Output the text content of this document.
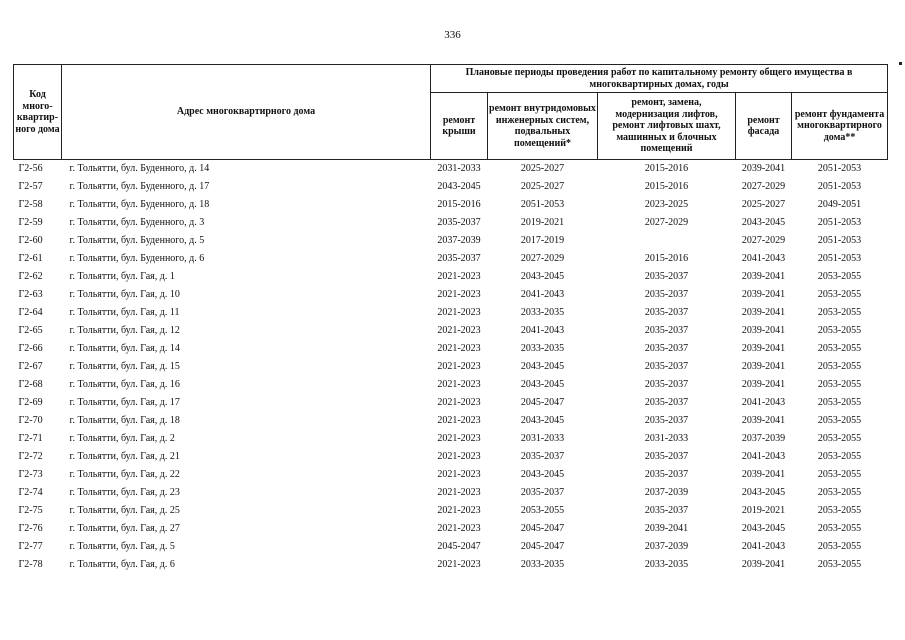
336
Код много-квартир-ного дома	Адрес многоквартирного дома	Плановые периоды проведения работ по капитальному ремонту общего имущества в многоквартирных домах, годы				
		ремонт крыши	ремонт внутридомовых инженерных систем, подвальных помещений*	ремонт, замена, модернизация лифтов, ремонт лифтовых шахт, машинных и блочных помещений	ремонт фасада	ремонт фундамента многоквартирного дома**
Г2-56	г. Тольятти, бул. Буденного, д. 14	2031-2033	2025-2027	2015-2016	2039-2041	2051-2053
Г2-57	г. Тольятти, бул. Буденного, д. 17	2043-2045	2025-2027	2015-2016	2027-2029	2051-2053
Г2-58	г. Тольятти, бул. Буденного, д. 18	2015-2016	2051-2053	2023-2025	2025-2027	2049-2051
Г2-59	г. Тольятти, бул. Буденного, д. 3	2035-2037	2019-2021	2027-2029	2043-2045	2051-2053
Г2-60	г. Тольятти, бул. Буденного, д. 5	2037-2039	2017-2019		2027-2029	2051-2053
Г2-61	г. Тольятти, бул. Буденного, д. 6	2035-2037	2027-2029	2015-2016	2041-2043	2051-2053
Г2-62	г. Тольятти, бул. Гая, д. 1	2021-2023	2043-2045	2035-2037	2039-2041	2053-2055
Г2-63	г. Тольятти, бул. Гая, д. 10	2021-2023	2041-2043	2035-2037	2039-2041	2053-2055
Г2-64	г. Тольятти, бул. Гая, д. 11	2021-2023	2033-2035	2035-2037	2039-2041	2053-2055
Г2-65	г. Тольятти, бул. Гая, д. 12	2021-2023	2041-2043	2035-2037	2039-2041	2053-2055
Г2-66	г. Тольятти, бул. Гая, д. 14	2021-2023	2033-2035	2035-2037	2039-2041	2053-2055
Г2-67	г. Тольятти, бул. Гая, д. 15	2021-2023	2043-2045	2035-2037	2039-2041	2053-2055
Г2-68	г. Тольятти, бул. Гая, д. 16	2021-2023	2043-2045	2035-2037	2039-2041	2053-2055
Г2-69	г. Тольятти, бул. Гая, д. 17	2021-2023	2045-2047	2035-2037	2041-2043	2053-2055
Г2-70	г. Тольятти, бул. Гая, д. 18	2021-2023	2043-2045	2035-2037	2039-2041	2053-2055
Г2-71	г. Тольятти, бул. Гая, д. 2	2021-2023	2031-2033	2031-2033	2037-2039	2053-2055
Г2-72	г. Тольятти, бул. Гая, д. 21	2021-2023	2035-2037	2035-2037	2041-2043	2053-2055
Г2-73	г. Тольятти, бул. Гая, д. 22	2021-2023	2043-2045	2035-2037	2039-2041	2053-2055
Г2-74	г. Тольятти, бул. Гая, д. 23	2021-2023	2035-2037	2037-2039	2043-2045	2053-2055
Г2-75	г. Тольятти, бул. Гая, д. 25	2021-2023	2053-2055	2035-2037	2019-2021	2053-2055
Г2-76	г. Тольятти, бул. Гая, д. 27	2021-2023	2045-2047	2039-2041	2043-2045	2053-2055
Г2-77	г. Тольятти, бул. Гая, д. 5	2045-2047	2045-2047	2037-2039	2041-2043	2053-2055
Г2-78	г. Тольятти, бул. Гая, д. 6	2021-2023	2033-2035	2033-2035	2039-2041	2053-2055
